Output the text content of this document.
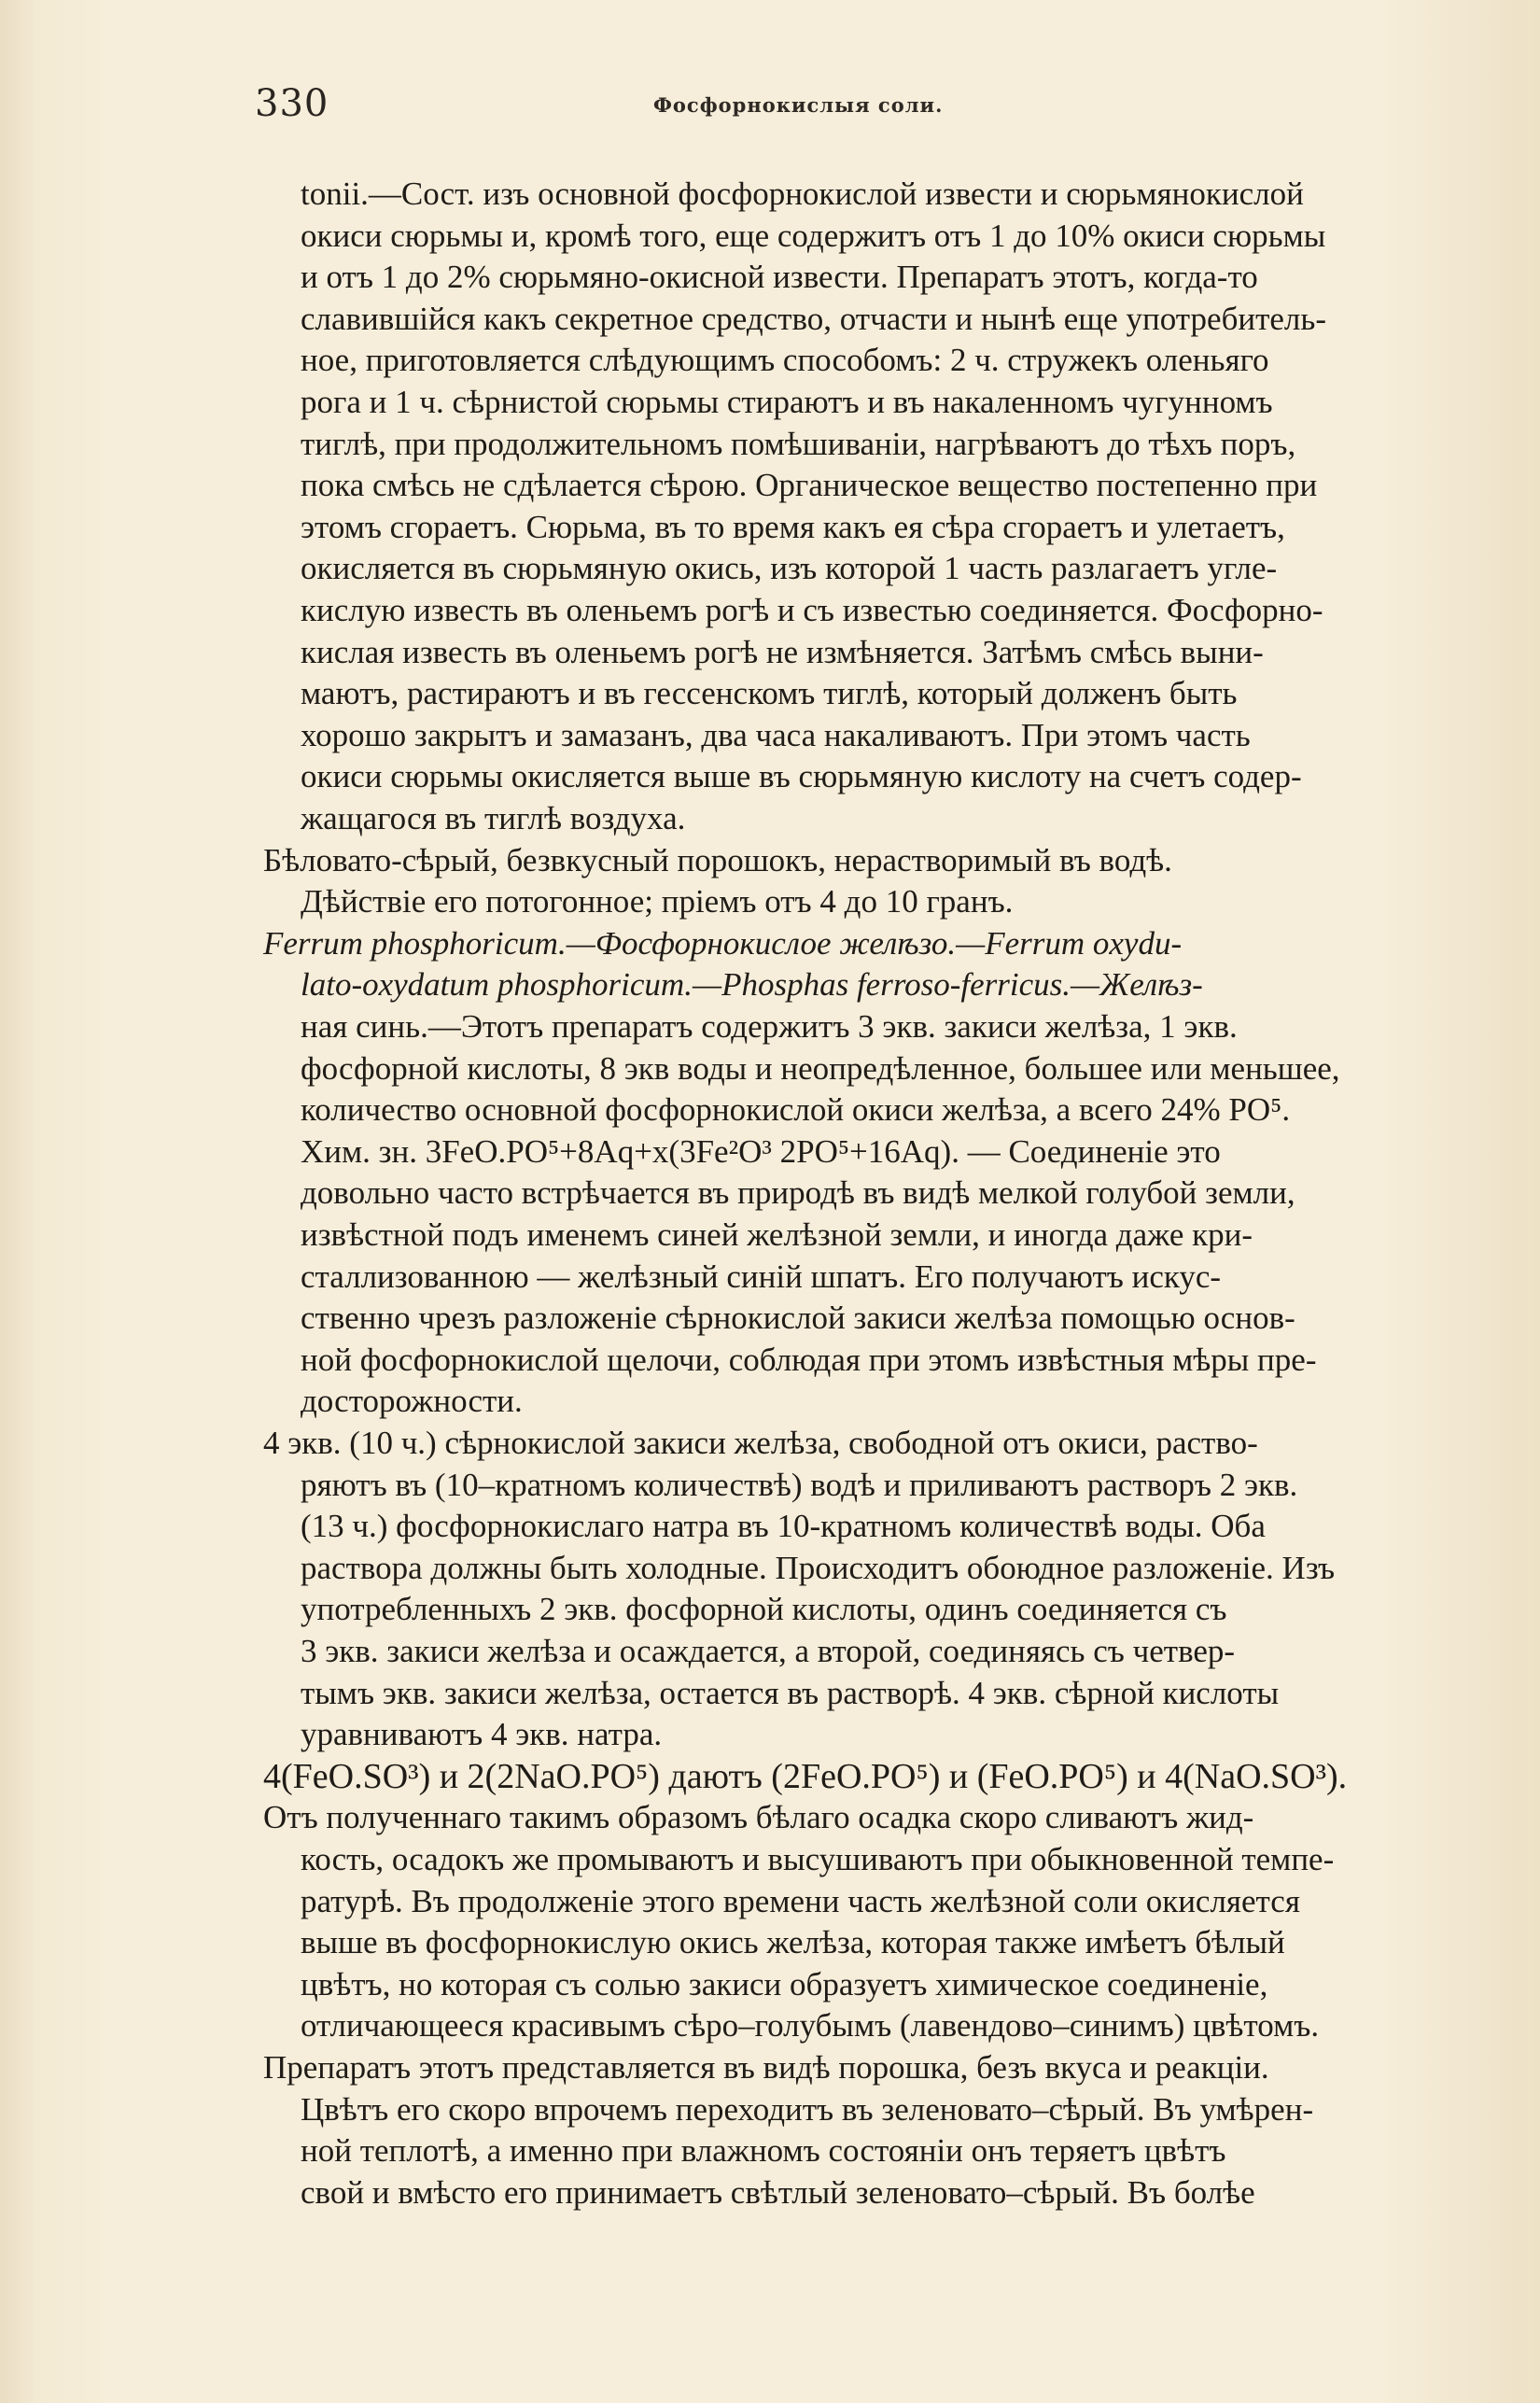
330	Фосфорнокислыя соли.
tonii.—Сост. изъ основной фосфорнокислой извести и сюрьмянокислой
окиси сюрьмы и, кромѣ того, еще содержитъ отъ 1 до 10% окиси сюрьмы
и отъ 1 до 2% сюрьмяно-окисной извести. Препаратъ этотъ, когда-то
славившійся какъ секретное средство, отчасти и нынѣ еще употребитель-
ное, приготовляется слѣдующимъ способомъ: 2 ч. стружекъ оленьяго
рога и 1 ч. сѣрнистой сюрьмы стираютъ и въ накаленномъ чугунномъ
тиглѣ, при продолжительномъ помѣшиваніи, нагрѣваютъ до тѣхъ поръ,
пока смѣсь не сдѣлается сѣрою. Органическое вещество постепенно при
этомъ сгораетъ. Сюрьма, въ то время какъ ея сѣра сгораетъ и улетаетъ,
окисляется въ сюрьмяную окись, изъ которой 1 часть разлагаетъ угле-
кислую известь въ оленьемъ рогѣ и съ известью соединяется. Фосфорно-
кислая известь въ оленьемъ рогѣ не измѣняется. Затѣмъ смѣсь выни-
маютъ, растираютъ и въ гессенскомъ тиглѣ, который долженъ быть
хорошо закрытъ и замазанъ, два часа накаливаютъ. При этомъ часть
окиси сюрьмы окисляется выше въ сюрьмяную кислоту на счетъ содер-
жащагося въ тиглѣ воздуха.
Бѣловато-сѣрый, безвкусный порошокъ, нерастворимый въ водѣ.
Дѣйствіе его потогонное; пріемъ отъ 4 до 10 гранъ.
Ferrum phosphoricum.—Фосфорнокислое желѣзо.—Ferrum oxydu-
lato-oxydatum phosphoricum.—Phosphas ferroso-ferricus.—Желѣз-
ная синь.—Этотъ препаратъ содержитъ 3 экв. закиси желѣза, 1 экв.
фосфорной кислоты, 8 экв воды и неопредѣленное, большее или меньшее,
количество основной фосфорнокислой окиси желѣза, а всего 24% PO⁵.
Хим. зн. 3FeO.PO⁵+8Aq+x(3Fe²O³ 2PO⁵+16Aq). — Соединеніе это
довольно часто встрѣчается въ природѣ въ видѣ мелкой голубой земли,
извѣстной подъ именемъ синей желѣзной земли, и иногда даже кри-
сталлизованною — желѣзный синій шпатъ. Его получаютъ искус-
ственно чрезъ разложеніе сѣрнокислой закиси желѣза помощью основ-
ной фосфорнокислой щелочи, соблюдая при этомъ извѣстныя мѣры пре-
досторожности.
4 экв. (10 ч.) сѣрнокислой закиси желѣза, свободной отъ окиси, раство-
ряютъ въ (10–кратномъ количествѣ) водѣ и приливаютъ растворъ 2 экв.
(13 ч.) фосфорнокислаго натра въ 10-кратномъ количествѣ воды. Оба
раствора должны быть холодные. Происходитъ обоюдное разложеніе. Изъ
употребленныхъ 2 экв. фосфорной кислоты, одинъ соединяется съ
3 экв. закиси желѣза и осаждается, а второй, соединяясь съ четвер-
тымъ экв. закиси желѣза, остается въ растворѣ. 4 экв. сѣрной кислоты
уравниваютъ 4 экв. натра.
4(FeO.SO³) и 2(2NaO.PO⁵) даютъ (2FeO.PO⁵) и (FeO.PO⁵) и 4(NaO.SO³).
Отъ полученнаго такимъ образомъ бѣлаго осадка скоро сливаютъ жид-
кость, осадокъ же промываютъ и высушиваютъ при обыкновенной темпе-
ратурѣ. Въ продолженіе этого времени часть желѣзной соли окисляется
выше въ фосфорнокислую окись желѣза, которая также имѣетъ бѣлый
цвѣтъ, но которая съ солью закиси образуетъ химическое соединеніе,
отличающееся красивымъ сѣро–голубымъ (лавендово–синимъ) цвѣтомъ.
Препаратъ этотъ представляется въ видѣ порошка, безъ вкуса и реакціи.
Цвѣтъ его скоро впрочемъ переходитъ въ зеленовато–сѣрый. Въ умѣрен-
ной теплотѣ, а именно при влажномъ состояніи онъ теряетъ цвѣтъ
свой и вмѣсто его принимаетъ свѣтлый зеленовато–сѣрый. Въ болѣе
